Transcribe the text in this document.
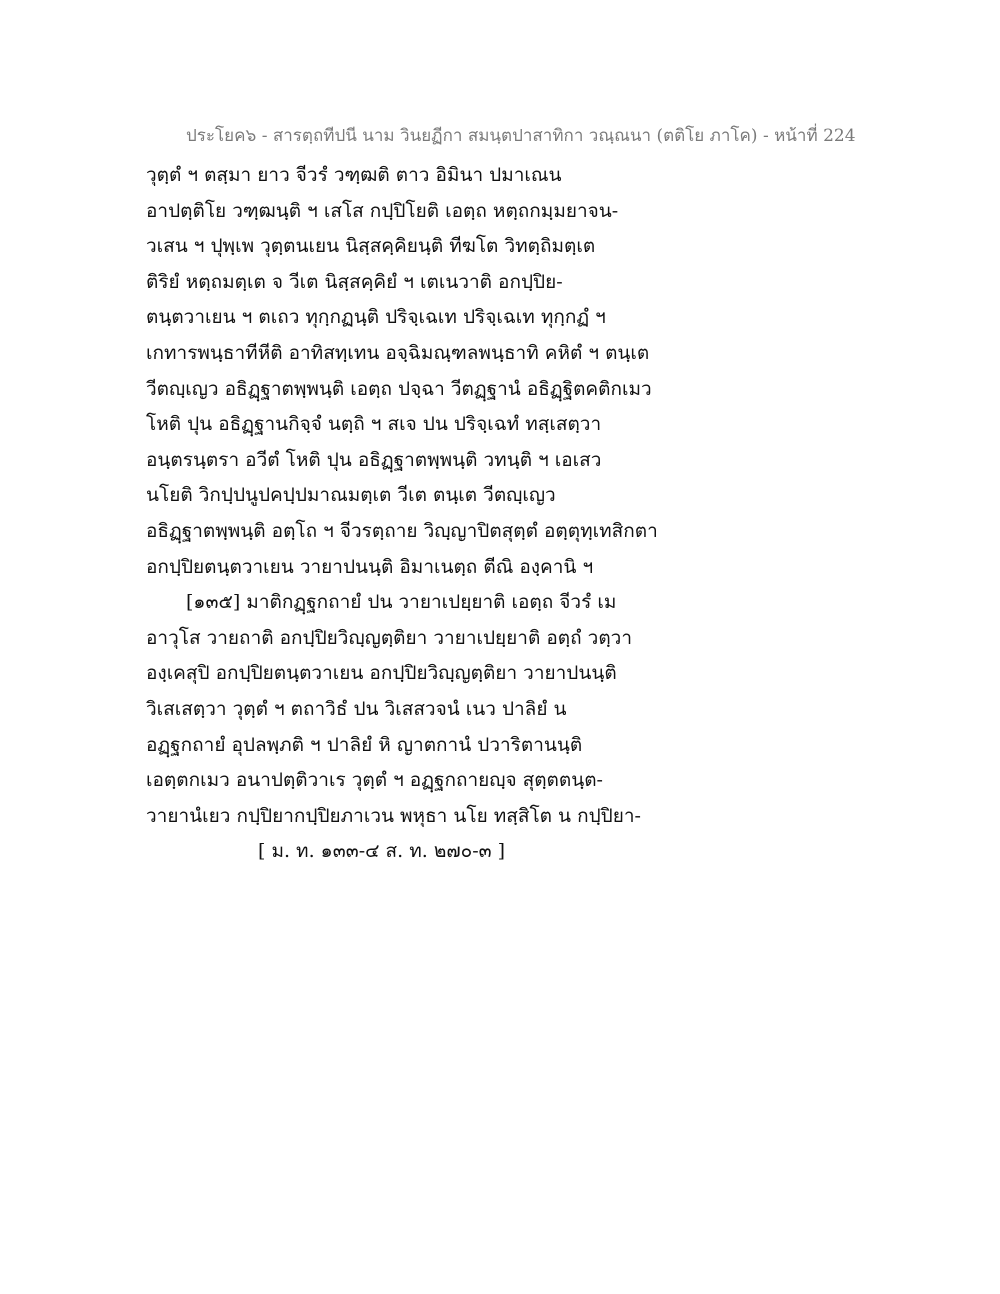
ประโยค๖ - สารตฺถทีปนี นาม วินยฏีกา สมนฺตปาสาทิกา วณฺณนา (ตติโย ภาโค) - หน้าที่ 224
วุตฺตํ ฯ ตสฺมา ยาว จีวรํ วฑฺฒติ ตาว อิมินา ปมาเณน
อาปตฺติโย วฑฺฒนฺติ ฯ เสโส กปฺปิโยติ เอตฺถ หตฺถกมฺมยาจน-
วเสน ฯ ปุพฺเพ วุตฺตนเยน นิสฺสคฺคิยนฺติ ทีฆโต วิทตฺถิมตฺเต
ติริยํ หตฺถมตฺเต จ วีเต นิสฺสคฺคิยํ ฯ เตเนวาติ อกปฺปิย-
ตนฺตวาเยน ฯ ตเถว ทุกฺกฏนฺติ ปริจฺเฉเท ปริจฺเฉเท ทุกฺกฏํ ฯ
เกทารพนฺธาทีหีติ อาทิสทฺเทน อจฺฉิมณฺฑลพนฺธาทิ คหิตํ ฯ ตนฺเต
วีตญฺเญว อธิฏฺฐาตพฺพนฺติ เอตฺถ ปจฺฉา วีตฏฺฐานํ อธิฏฺฐิตคติกเมว
โหติ ปุน อธิฏฺฐานกิจฺจํ นตฺถิ ฯ สเจ ปน ปริจฺเฉทํ ทสฺเสตฺวา
อนฺตรนฺตรา อวีตํ โหติ ปุน อธิฏฺฐาตพฺพนฺติ วทนฺติ ฯ เอเสว
นโยติ วิกปฺปนูปคปฺปมาณมตฺเต วีเต ตนฺเต วีตญฺเญว
อธิฏฺฐาตพฺพนฺติ อตฺโถ ฯ จีวรตฺถาย วิญฺญาปิตสุตฺตํ อตฺตุทฺเทสิกตา
อกปฺปิยตนฺตวาเยน วายาปนนฺติ อิมาเนตฺถ ตีณิ องฺคานิ ฯ
[๑๓๕] มาติกฏฺฐกถายํ ปน วายาเปยฺยาติ เอตฺถ จีวรํ เม
อาวุโส วายถาติ อกปฺปิยวิญฺญตฺติยา วายาเปยฺยาติ อตฺถํ วตฺวา
องฺเคสุปิ อกปฺปิยตนฺตวาเยน อกปฺปิยวิญฺญตฺติยา วายาปนนฺติ
วิเสเสตฺวา วุตฺตํ ฯ ตถาวิธํ ปน วิเสสวจนํ เนว ปาลิยํ น
อฏฺฐกถายํ อุปลพฺภติ ฯ ปาลิยํ หิ ญาตกานํ ปวาริตานนฺติ
เอตฺตกเมว อนาปตฺติวาเร วุตฺตํ ฯ อฏฺฐกถายญฺจ สุตฺตตนฺต-
วายานํเยว กปฺปิยากปฺปิยภาเวน พหุธา นโย ทสฺสิโต น กปฺปิยา-
[ ม. ท. ๑๓๓-๔ ส. ท. ๒๗๐-๓ ]
